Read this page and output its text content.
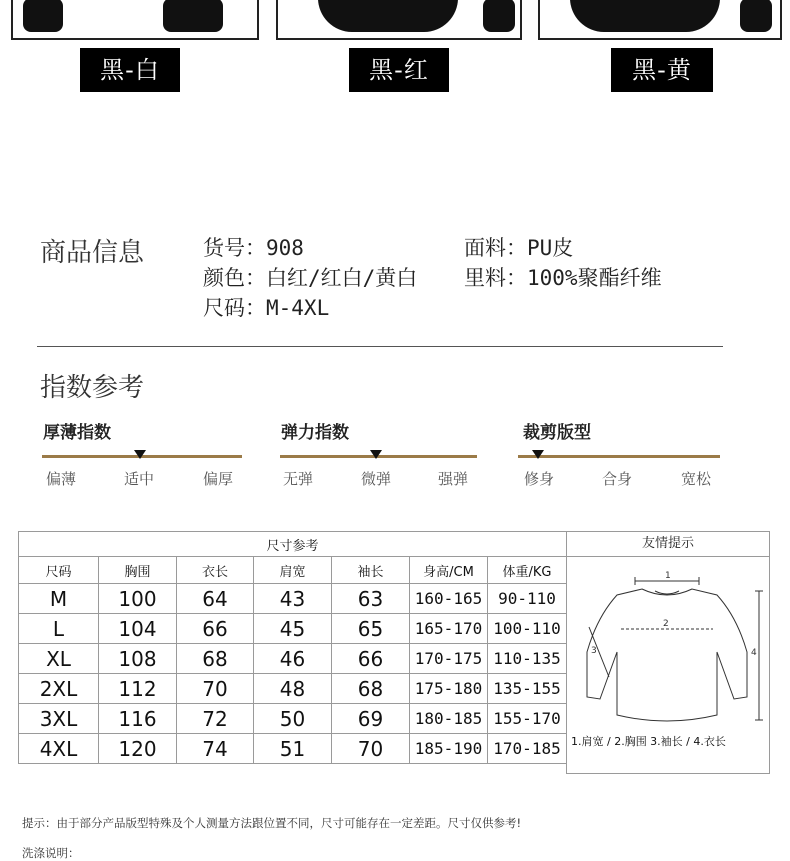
黑-白	黑-红	黑-黄
商品信息	货号：908	面料：PU皮
颜色：白红/红白/黄白 里料：100%聚酯纤维
尺码：M-4XL
指数参考
厚薄指数
偏薄	适中	偏厚
弹力指数
无弹	微弹	强弹
裁剪版型
修身	合身	宽松
尺寸参考						
尺码	胸围	衣长	肩宽	袖长	身高/CM	体重/KG
M	100	64	43	63	160-165	90-110
L	104	66	45	65	165-170	100-110
XL	108	68	46	66	170-175	110-135
2XL	112	70	48	68	175-180	135-155
3XL	116	72	50	69	180-185	155-170
4XL	120	74	51	70	185-190	170-185
友情提示
1
2
3	4
1.肩宽 / 2.胸围 3.袖长 / 4.衣长
提示：由于部分产品版型特殊及个人测量方法跟位置不同，尺寸可能存在一定差距。尺寸仅供参考!
洗涤说明：
